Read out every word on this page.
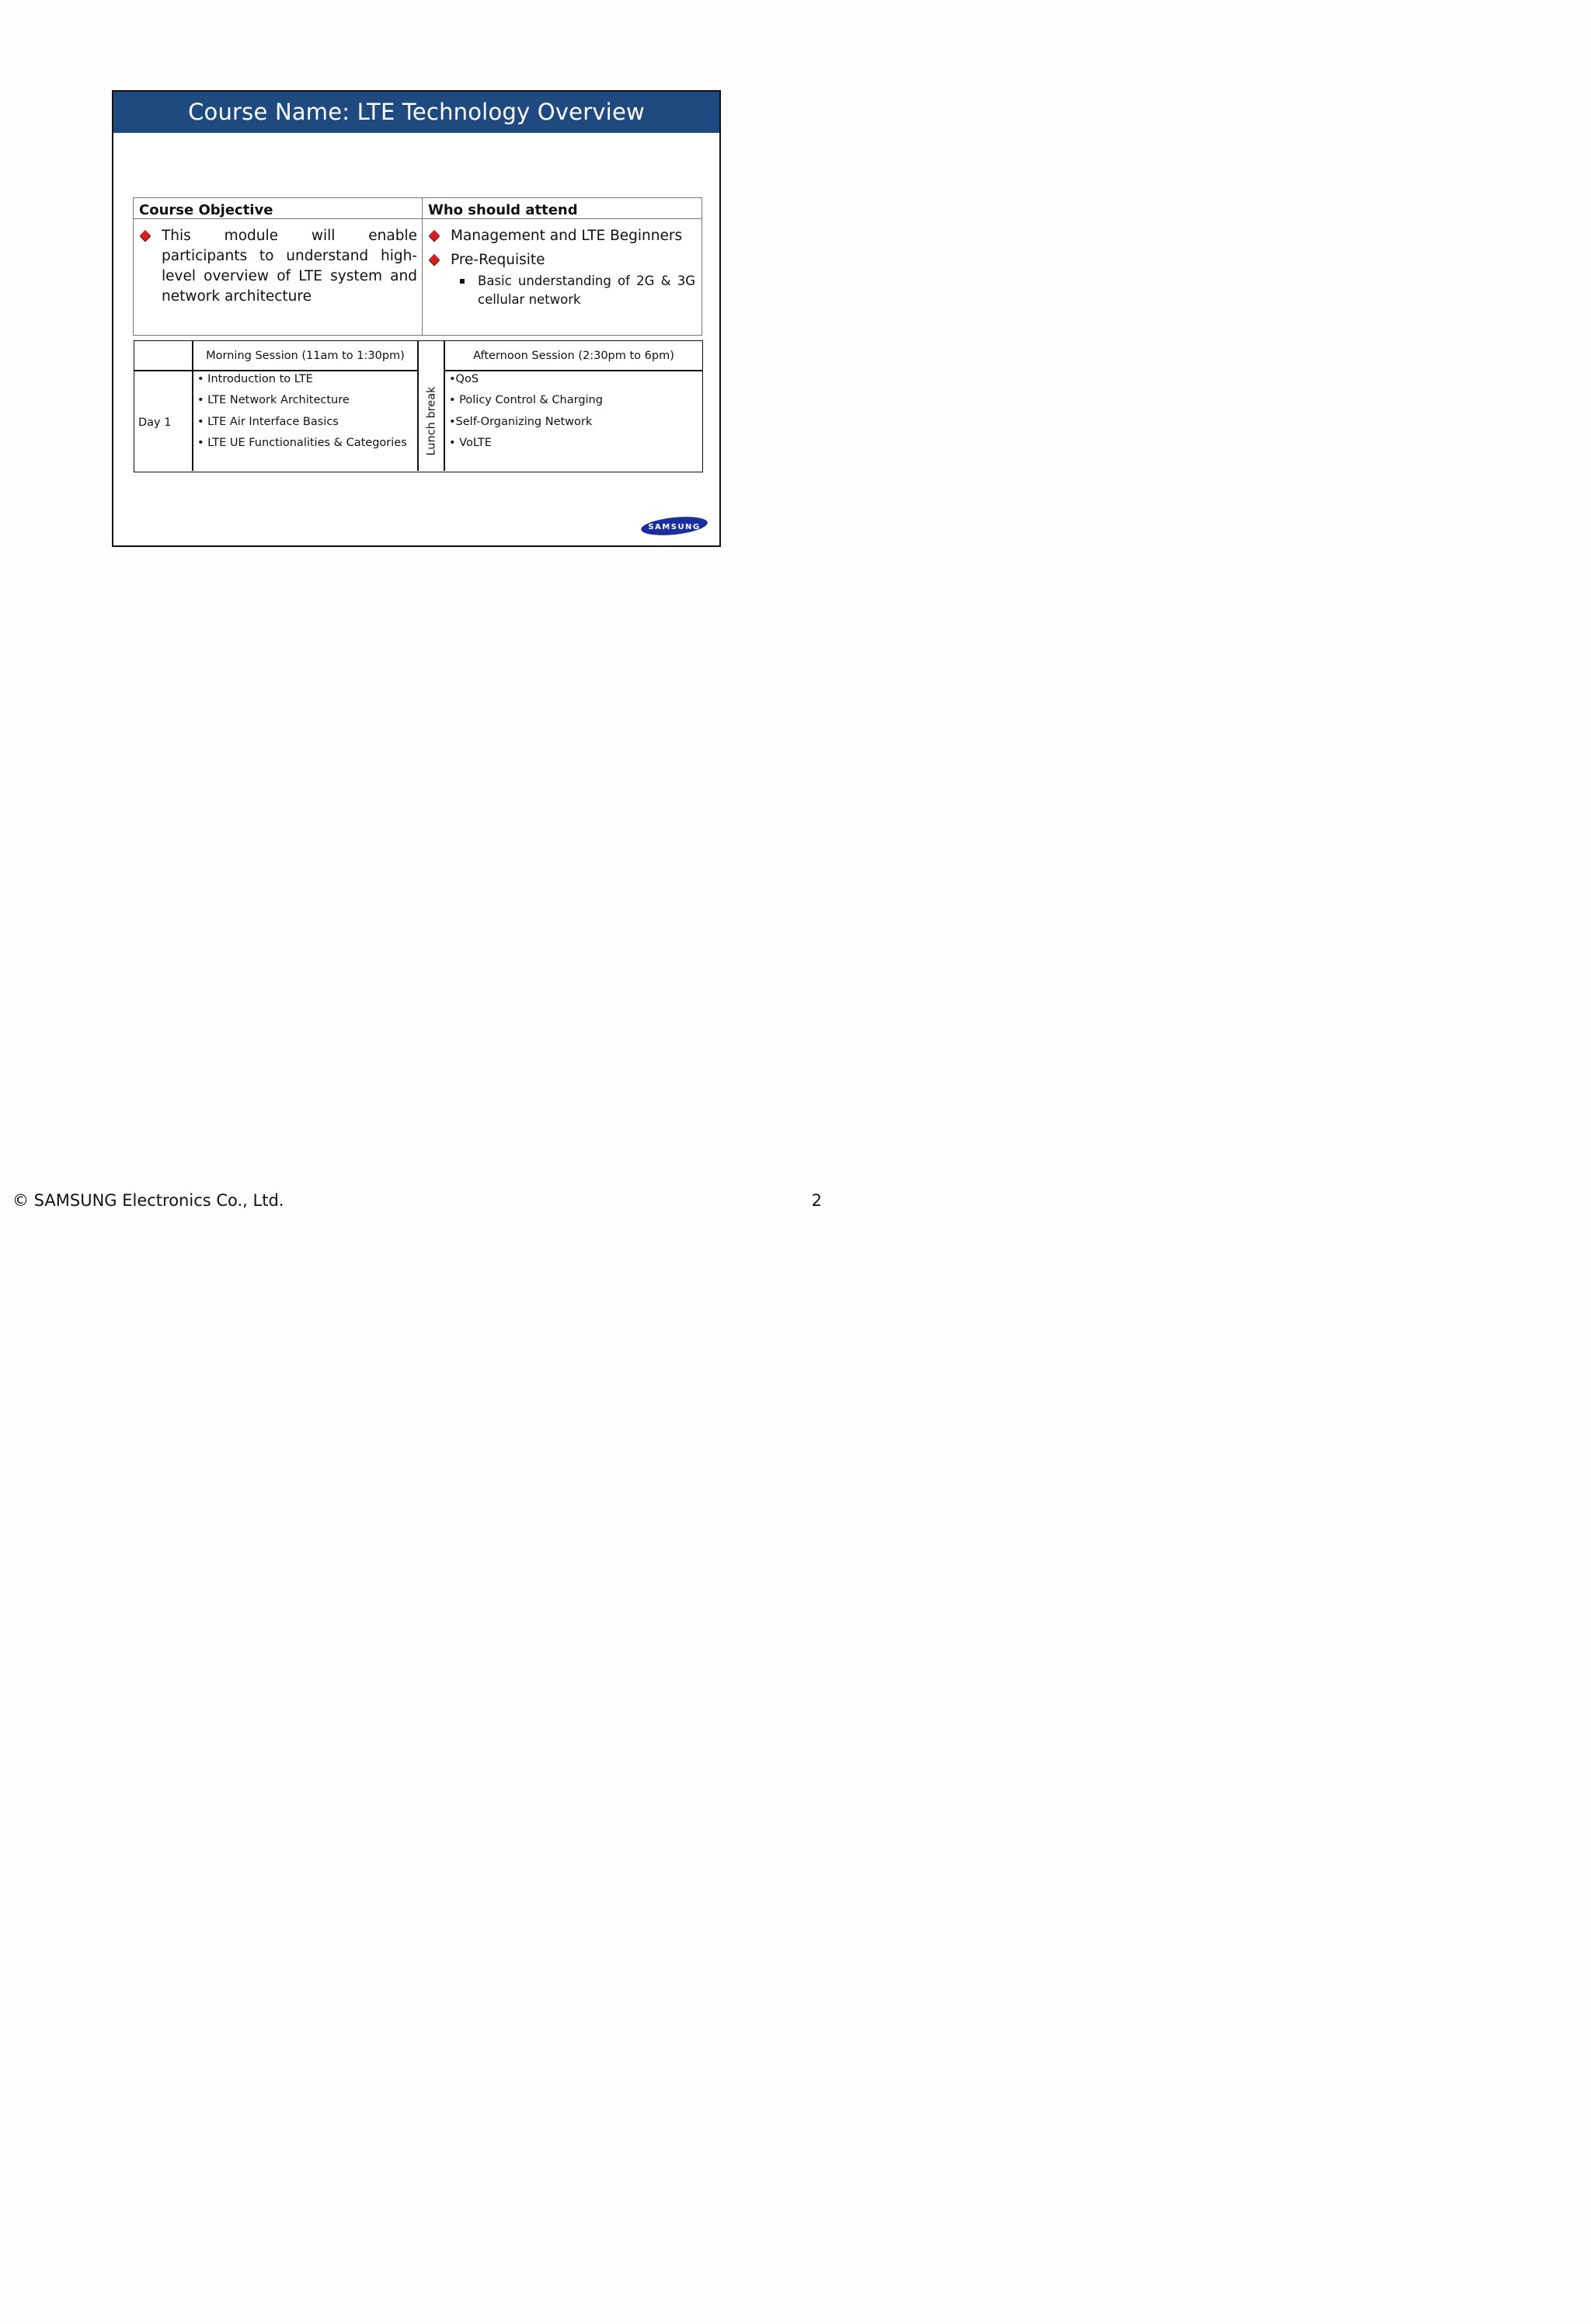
Course Name: LTE Technology Overview
Course Objective
This module will enable participants to understand high-level overview of LTE system and network architecture
Who should attend
Management and LTE Beginners
Pre-Requisite
Basic understanding of 2G & 3G cellular network
Morning Session (11am to 1:30pm)	Afternoon Session (2:30pm to 6pm)
Day 1
• Introduction to LTE
• LTE Network Architecture
• LTE Air Interface Basics
• LTE UE Functionalities & Categories Lunch break
•QoS
• Policy Control & Charging
•Self-Organizing Network
• VoLTE
SAMSUNG
© SAMSUNG Electronics Co., Ltd.	2
